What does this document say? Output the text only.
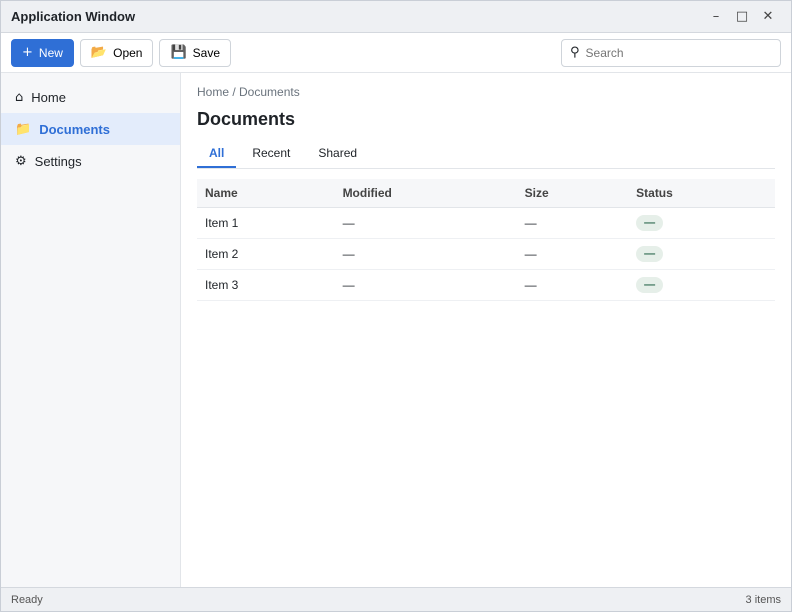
Application Window	–	□	✕
+ New 📂 Open 💾 Save	⚲
Search
⌂ Home
📁 Documents
⚙ Settings
Home / Documents
Documents
All	Recent	Shared
Name	Modified	Size	Status
Item 1	—	—	—
Item 2	—	—	—
Item 3	—	—	—
Ready	3 items
